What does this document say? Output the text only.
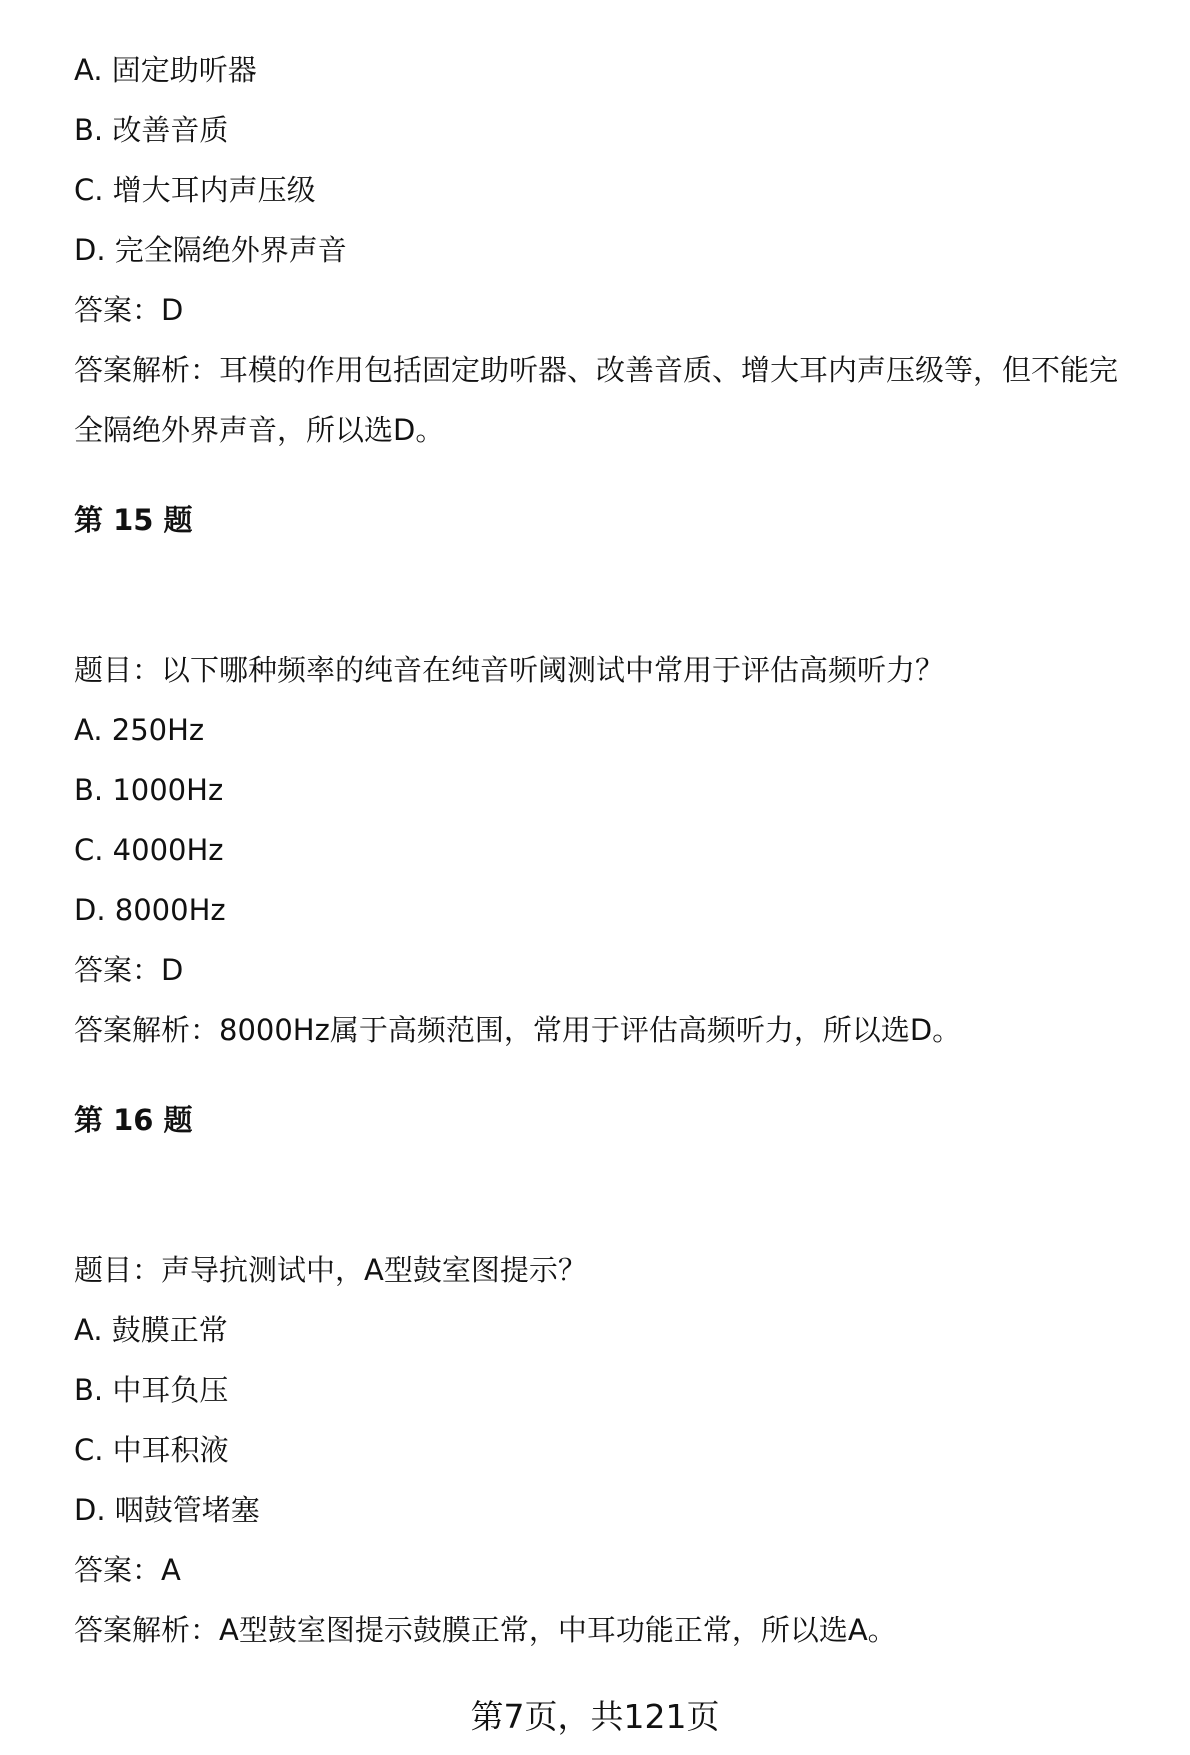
A. 固定助听器
B. 改善音质
C. 增大耳内声压级
D. 完全隔绝外界声音
答案：D
答案解析：耳模的作用包括固定助听器、改善音质、增大耳内声压级等，但不能完
全隔绝外界声音，所以选D。
第 15 题
题目：以下哪种频率的纯音在纯音听阈测试中常用于评估高频听力？
A. 250Hz
B. 1000Hz
C. 4000Hz
D. 8000Hz
答案：D
答案解析：8000Hz属于高频范围，常用于评估高频听力，所以选D。
第 16 题
题目：声导抗测试中，A型鼓室图提示？
A. 鼓膜正常
B. 中耳负压
C. 中耳积液
D. 咽鼓管堵塞
答案：A
答案解析：A型鼓室图提示鼓膜正常，中耳功能正常，所以选A。
第7页，共121页
